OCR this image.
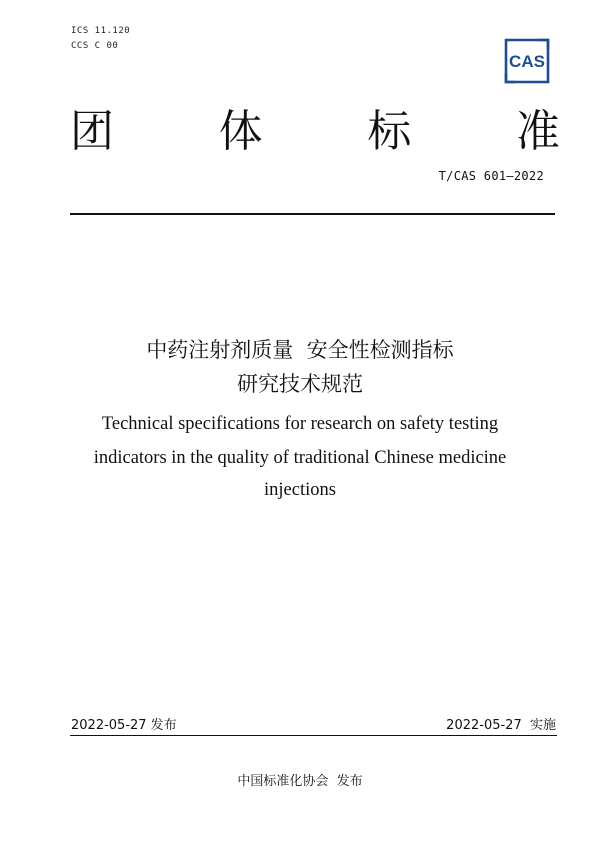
ICS 11.120
CCS C 00
CAS
团 体 标 准
T/CAS 601—2022
中药注射剂质量  安全性检测指标
研究技术规范
Technical specifications for research on safety testing
indicators in the quality of traditional Chinese medicine
injections
2022-05-27 发布	2022-05-27  实施
中国标准化协会  发布
